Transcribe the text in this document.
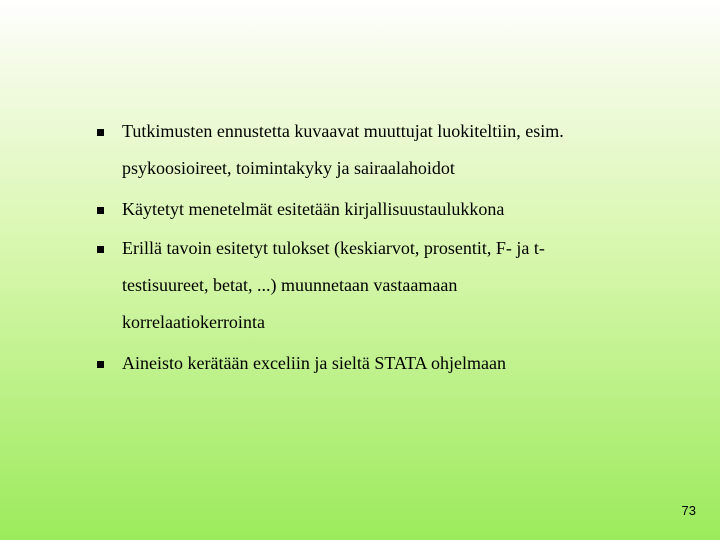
Tutkimusten ennustetta kuvaavat muuttujat luokiteltiin, esim.
psykoosioireet, toimintakyky ja sairaalahoidot
Käytetyt menetelmät esitetään kirjallisuustaulukkona
Erillä tavoin esitetyt tulokset (keskiarvot, prosentit, F- ja t-
testisuureet, betat, ...) muunnetaan vastaamaan
korrelaatiokerrointa
Aineisto kerätään exceliin ja sieltä STATA ohjelmaan
73
